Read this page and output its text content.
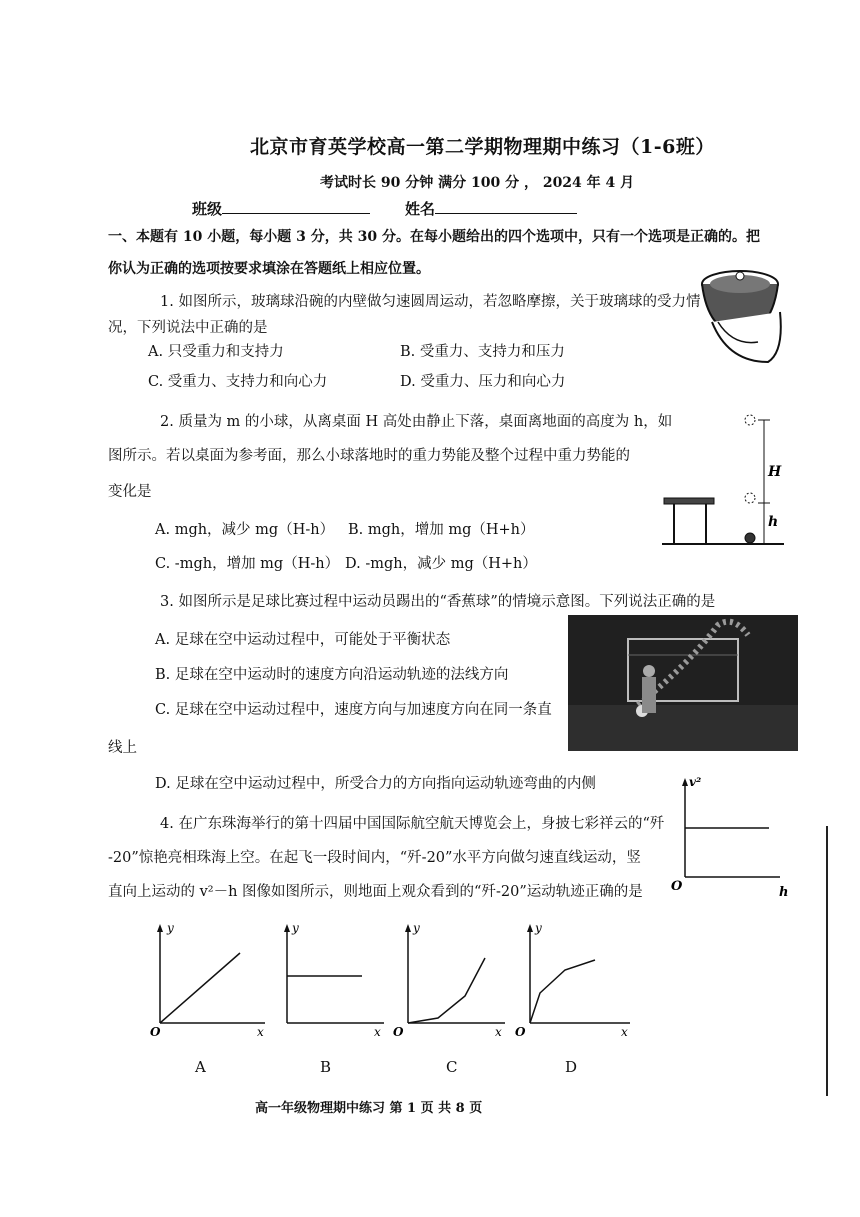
北京市育英学校高一第二学期物理期中练习（1-6班）
考试时长 90 分钟 满分 100 分 ， 2024 年 4 月
班级	姓名
一、本题有 10 小题，每小题 3 分，共 30 分。在每小题给出的四个选项中，只有一个选项是正确的。把
你认为正确的选项按要求填涂在答题纸上相应位置。
1. 如图所示，玻璃球沿碗的内壁做匀速圆周运动，若忽略摩擦，关于玻璃球的受力情
况，下列说法中正确的是
A. 只受重力和支持力	B. 受重力、支持力和压力
C. 受重力、支持力和向心力	D. 受重力、压力和向心力
2. 质量为 m 的小球，从离桌面 H 高处由静止下落，桌面离地面的高度为 h，如
图所示。若以桌面为参考面，那么小球落地时的重力势能及整个过程中重力势能的
变化是
A. mgh，减少 mg（H-h） B. mgh，增加 mg（H+h）
C. -mgh，增加 mg（H-h） D. -mgh，减少 mg（H+h）
H
h
3. 如图所示是足球比赛过程中运动员踢出的“香蕉球”的情境示意图。下列说法正确的是
A. 足球在空中运动过程中，可能处于平衡状态
B. 足球在空中运动时的速度方向沿运动轨迹的法线方向
C. 足球在空中运动过程中，速度方向与加速度方向在同一条直
线上
D. 足球在空中运动过程中，所受合力的方向指向运动轨迹弯曲的内侧
4. 在广东珠海举行的第十四届中国国际航空航天博览会上，身披七彩祥云的“歼
-20”惊艳亮相珠海上空。在起飞一段时间内，“歼-20”水平方向做匀速直线运动，竖
直向上运动的 v²－h 图像如图所示，则地面上观众看到的“歼-20”运动轨迹正确的是
v²
O	h
y
O	x
y
x
y
O	x
y
O	x
A	B	C	D
高一年级物理期中练习 第 1 页 共 8 页
